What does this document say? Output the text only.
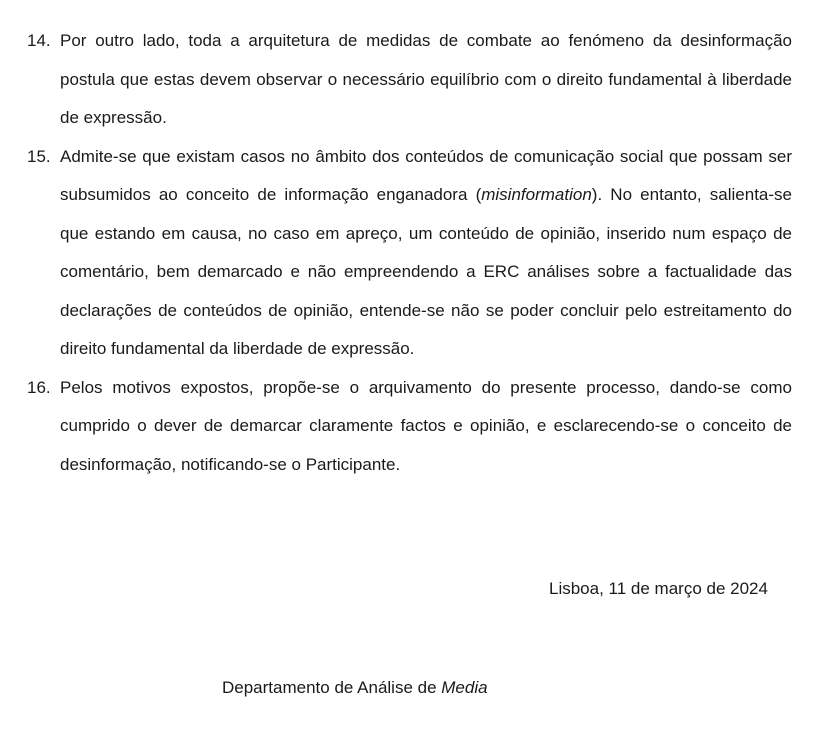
14. Por outro lado, toda a arquitetura de medidas de combate ao fenómeno da desinformação postula que estas devem observar o necessário equilíbrio com o direito fundamental à liberdade de expressão.
15. Admite-se que existam casos no âmbito dos conteúdos de comunicação social que possam ser subsumidos ao conceito de informação enganadora (misinformation). No entanto, salienta-se que estando em causa, no caso em apreço, um conteúdo de opinião, inserido num espaço de comentário, bem demarcado e não empreendendo a ERC análises sobre a factualidade das declarações de conteúdos de opinião, entende-se não se poder concluir pelo estreitamento do direito fundamental da liberdade de expressão.
16. Pelos motivos expostos, propõe-se o arquivamento do presente processo, dando-se como cumprido o dever de demarcar claramente factos e opinião, e esclarecendo-se o conceito de desinformação, notificando-se o Participante.
Lisboa, 11 de março de 2024
Departamento de Análise de Media
